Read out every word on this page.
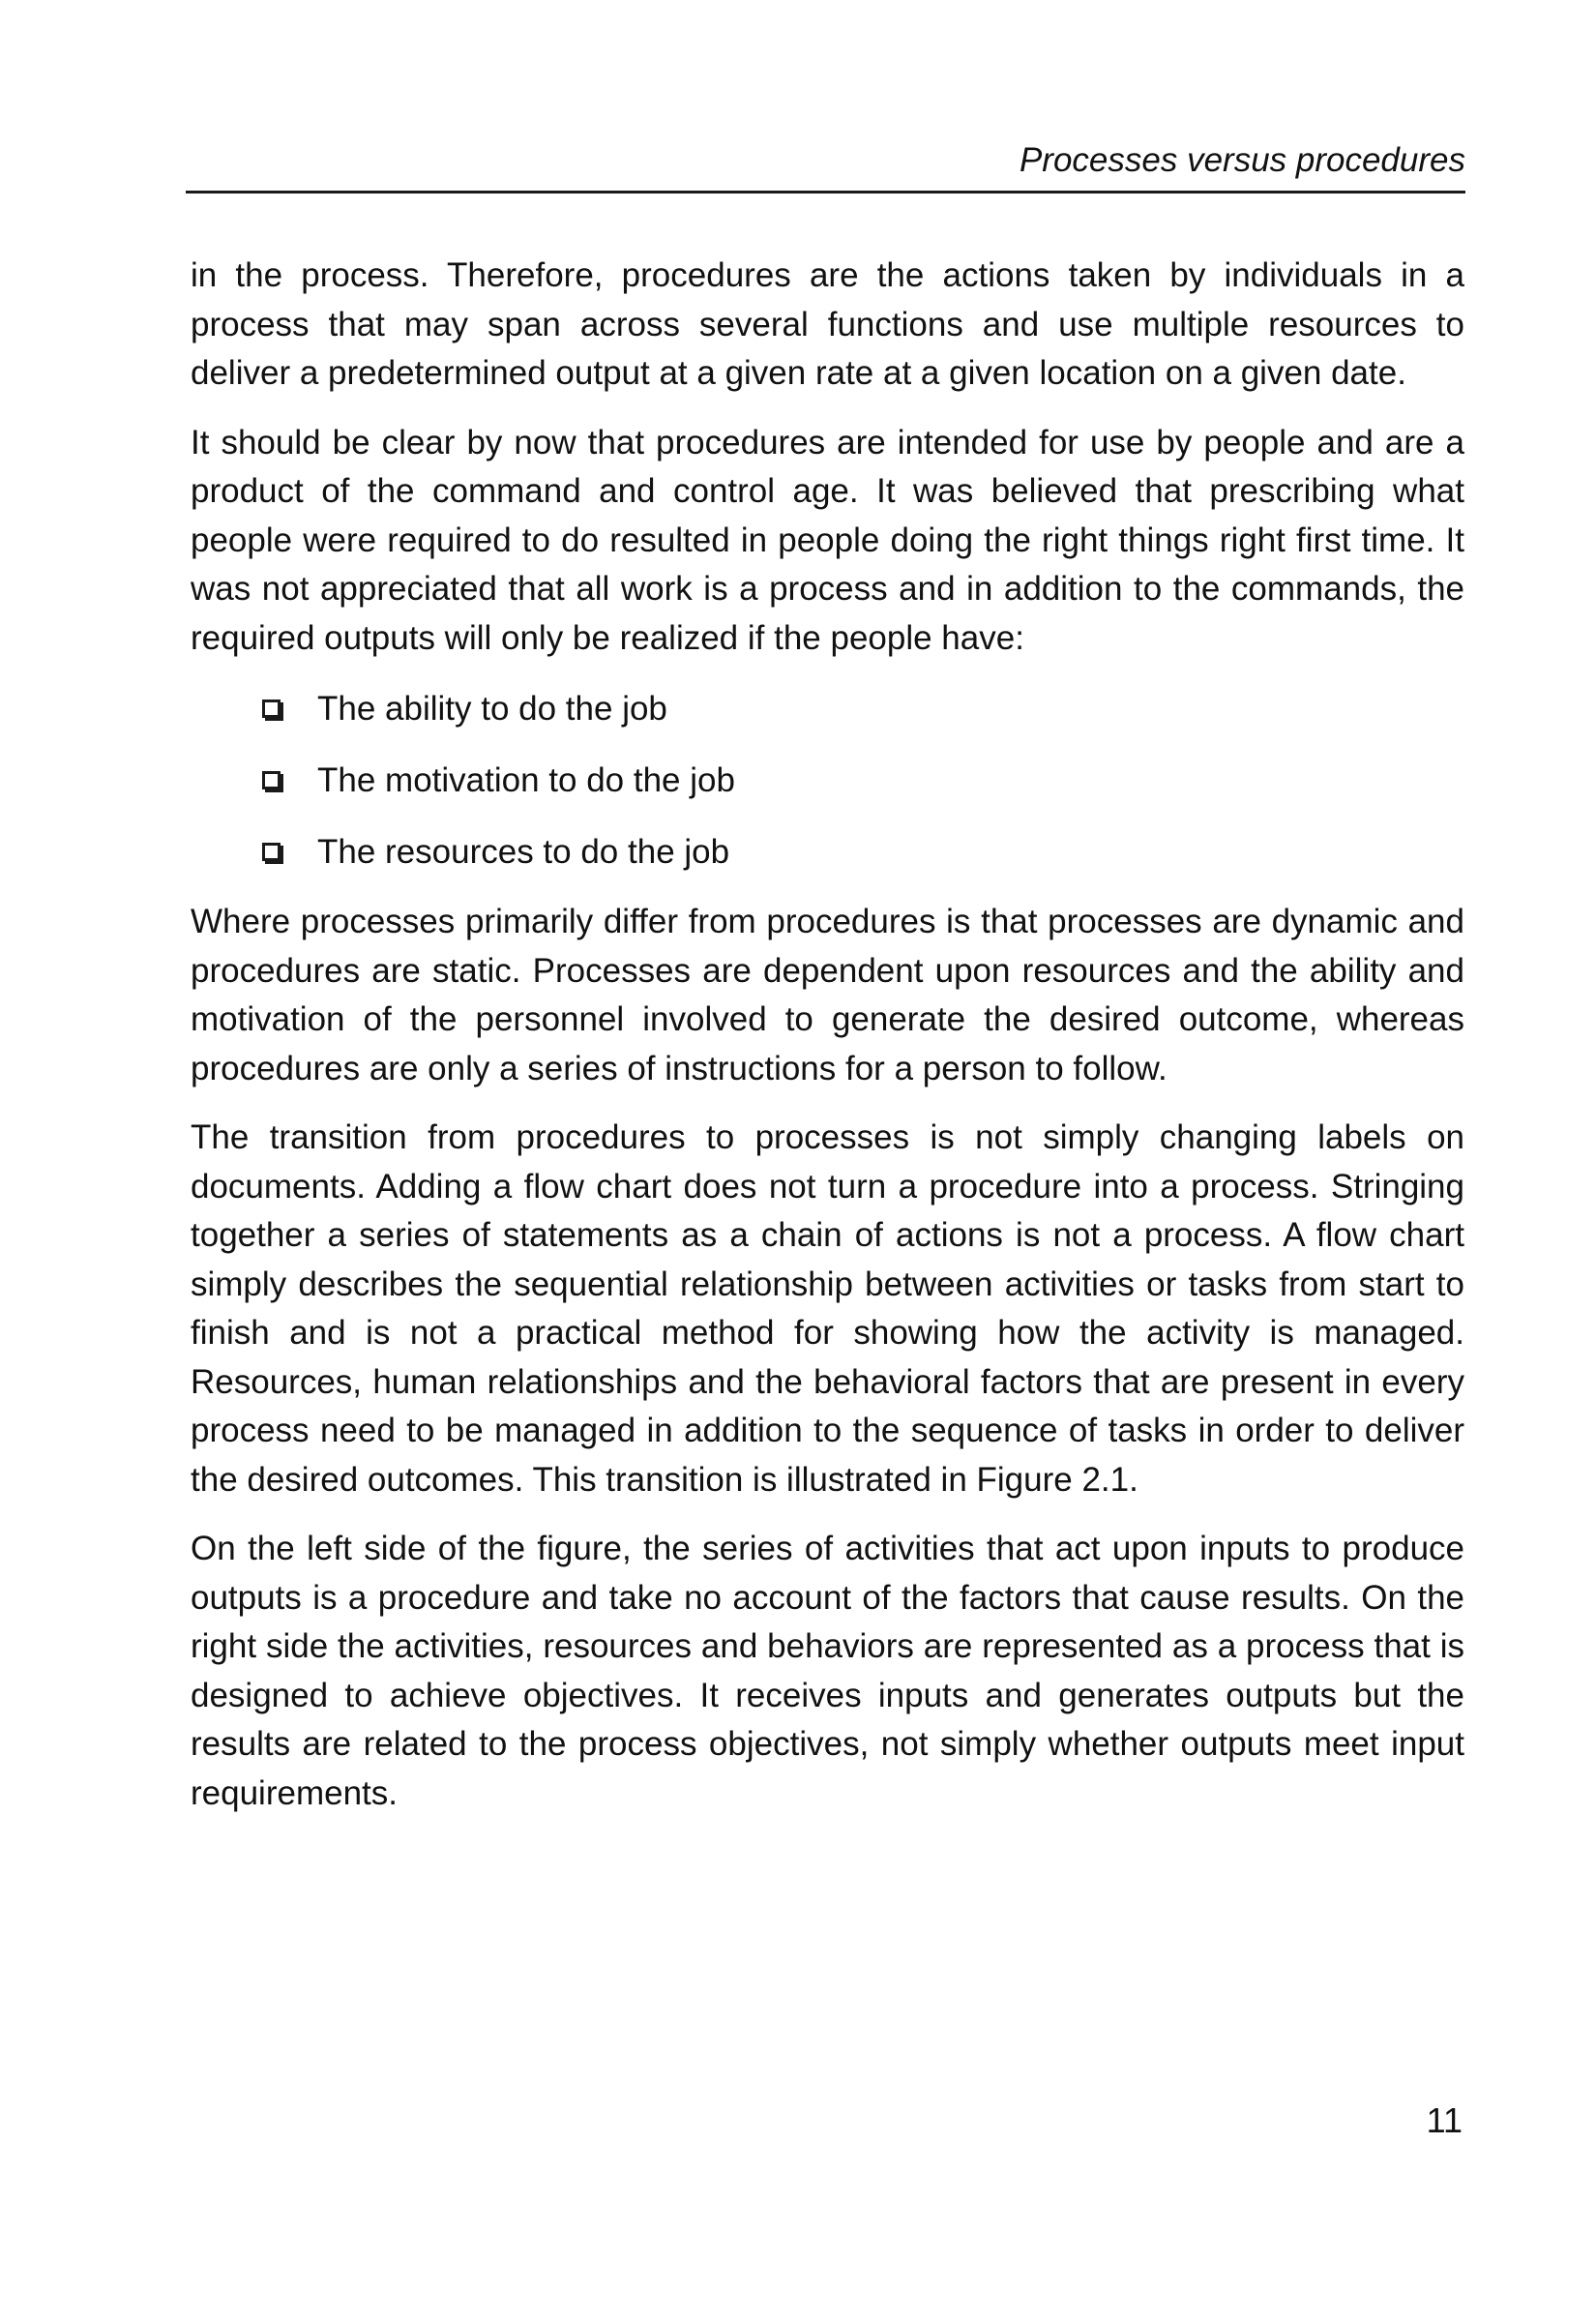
Processes versus procedures

in the process. Therefore, procedures are the actions taken by individuals in a process that may span across several functions and use multiple resources to deliver a predetermined output at a given rate at a given location on a given date.

It should be clear by now that procedures are intended for use by people and are a product of the command and control age. It was believed that prescribing what people were required to do resulted in people doing the right things right first time. It was not appreciated that all work is a process and in addition to the commands, the required outputs will only be realized if the people have:

The ability to do the job
The motivation to do the job
The resources to do the job

Where processes primarily differ from procedures is that processes are dynamic and procedures are static. Processes are dependent upon resources and the ability and motivation of the personnel involved to generate the desired outcome, whereas procedures are only a series of instructions for a person to follow.

The transition from procedures to processes is not simply changing labels on documents. Adding a flow chart does not turn a procedure into a process. Stringing together a series of statements as a chain of actions is not a process. A flow chart simply describes the sequential relationship between activities or tasks from start to finish and is not a practical method for showing how the activity is managed. Resources, human relationships and the behavioral factors that are present in every process need to be managed in addition to the sequence of tasks in order to deliver the desired outcomes. This transition is illustrated in Figure 2.1.

On the left side of the figure, the series of activities that act upon inputs to produce outputs is a procedure and take no account of the factors that cause results. On the right side the activities, resources and behaviors are represented as a process that is designed to achieve objectives. It receives inputs and generates outputs but the results are related to the process objectives, not simply whether outputs meet input requirements.

11
